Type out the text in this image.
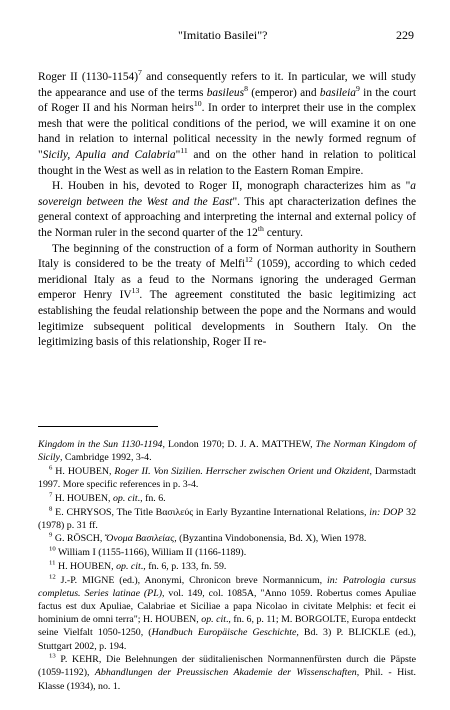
"Imitatio Basilei"?	229

Roger II (1130-1154)$^7$ and consequently refers to it. In particular, we will study the appearance and use of the terms basileus$^8$ (emperor) and basileia$^9$ in the court of Roger II and his Norman heirs$^{10}$. In order to interpret their use in the complex mesh that were the political conditions of the period, we will examine it on one hand in relation to internal political necessity in the newly formed regnum of "Sicily, Apulia and Calabria"$^{11}$ and on the other hand in relation to political thought in the West as well as in relation to the Eastern Roman Empire.

H. Houben in his, devoted to Roger II, monograph characterizes him as "a sovereign between the West and the East". This apt characterization defines the general context of approaching and interpreting the internal and external policy of the Norman ruler in the second quarter of the 12th century.

The beginning of the construction of a form of Norman authority in Southern Italy is considered to be the treaty of Melfi$^{12}$ (1059), according to which ceded meridional Italy as a feud to the Normans ignoring the underaged German emperor Henry IV$^{13}$. The agreement constituted the basic legitimizing act establishing the feudal relationship between the pope and the Normans and would legitimize subsequent political developments in Southern Italy. On the legitimizing basis of this relationship, Roger II re-

Kingdom in the Sun 1130-1194, London 1970; D. J. A. MATTHEW, The Norman Kingdom of Sicily, Cambridge 1992, 3-4.

$^6$ H. HOUBEN, Roger II. Von Sizilien. Herrscher zwischen Orient und Okzident, Darmstadt 1997. More specific references in p. 3-4.

$^7$ H. HOUBEN, op. cit., fn. 6.

$^8$ E. CHRYSOS, The Title Βασιλεύς in Early Byzantine International Relations, in: DOP 32 (1978) p. 31 ff.

$^9$ G. RÖSCH, Ὄνομα Βασιλείας, (Byzantina Vindobonensia, Bd. X), Wien 1978.

$^{10}$ William I (1155-1166), William II (1166-1189).

$^{11}$ H. HOUBEN, op. cit., fn. 6, p. 133, fn. 59.

$^{12}$ J.-P. MIGNE (ed.), Anonymi, Chronicon breve Normannicum, in: Patrologia cursus completus. Series latinae (PL), vol. 149, col. 1085A, "Anno 1059. Robertus comes Apuliae factus est dux Apuliae, Calabriae et Siciliae a papa Nicolao in civitate Melphis: et fecit ei hominium de omni terra"; H. HOUBEN, op. cit., fn. 6, p. 11; M. BORGOLTE, Europa entdeckt seine Vielfalt 1050-1250, (Handbuch Europäische Geschichte, Bd. 3) P. BLICKLE (ed.), Stuttgart 2002, p. 194.

$^{13}$ P. KEHR, Die Belehnungen der süditalienischen Normannenfürsten durch die Päpste (1059-1192), Abhandlungen der Preussischen Akademie der Wissenschaften, Phil. - Hist. Klasse (1934), no. 1.
